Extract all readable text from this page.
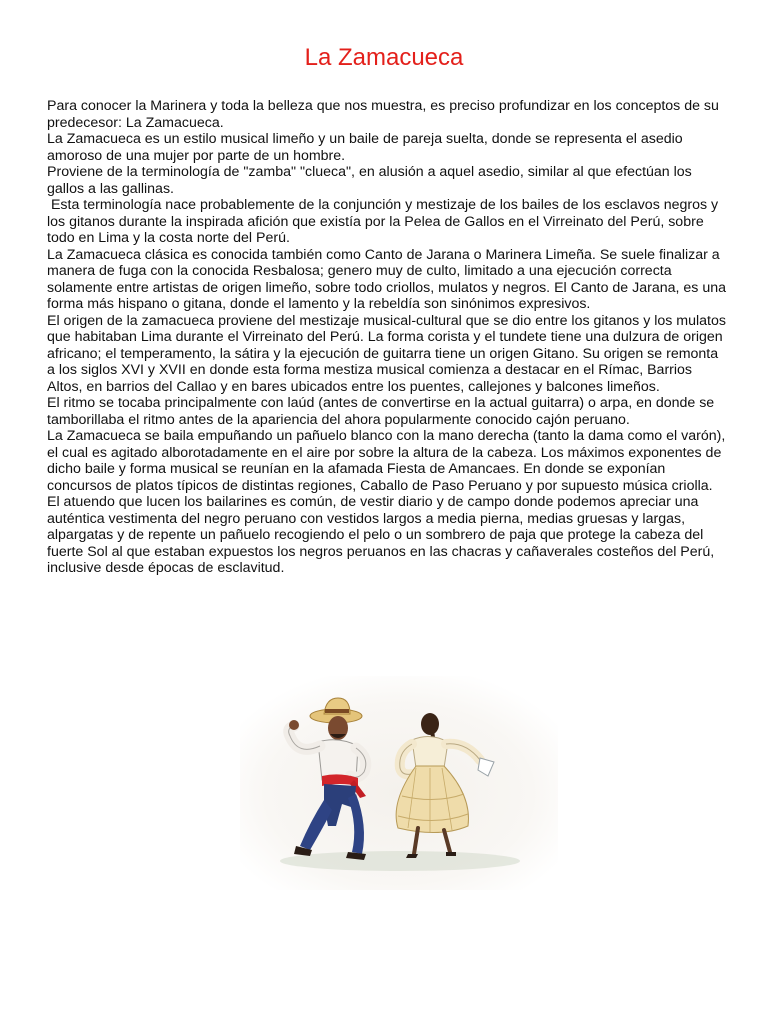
La Zamacueca

Para conocer la Marinera y toda la belleza que nos muestra, es preciso profundizar en los conceptos de su predecesor: La Zamacueca.

La Zamacueca es un estilo musical limeño y un baile de pareja suelta, donde se representa el asedio amoroso de una mujer por parte de un hombre.

Proviene de la terminología de "zamba" "clueca", en alusión a aquel asedio, similar al que efectúan los gallos a las gallinas.

Esta terminología nace probablemente de la conjunción y mestizaje de los bailes de los esclavos negros y los gitanos durante la inspirada afición que existía por la Pelea de Gallos en el Virreinato del Perú, sobre todo en Lima y la costa norte del Perú.

La Zamacueca clásica es conocida también como Canto de Jarana o Marinera Limeña. Se suele finalizar a manera de fuga con la conocida Resbalosa; genero muy de culto, limitado a una ejecución correcta solamente entre artistas de origen limeño, sobre todo criollos, mulatos y negros. El Canto de Jarana, es una forma más hispano o gitana, donde el lamento y la rebeldía son sinónimos expresivos.

El origen de la zamacueca proviene del mestizaje musical-cultural que se dio entre los gitanos y los mulatos que habitaban Lima durante el Virreinato del Perú. La forma corista y el tundete tiene una dulzura de origen africano; el temperamento, la sátira y la ejecución de guitarra tiene un origen Gitano. Su origen se remonta a los siglos XVI y XVII en donde esta forma mestiza musical comienza a destacar en el Rímac, Barrios Altos, en barrios del Callao y en bares ubicados entre los puentes, callejones y balcones limeños.

El ritmo se tocaba principalmente con laúd (antes de convertirse en la actual guitarra) o arpa, en donde se tamborillaba el ritmo antes de la apariencia del ahora popularmente conocido cajón peruano.

La Zamacueca se baila empuñando un pañuelo blanco con la mano derecha (tanto la dama como el varón), el cual es agitado alborotadamente en el aire por sobre la altura de la cabeza. Los máximos exponentes de dicho baile y forma musical se reunían en la afamada Fiesta de Amancaes. En donde se exponían concursos de platos típicos de distintas regiones, Caballo de Paso Peruano y por supuesto música criolla.

El atuendo que lucen los bailarines es común, de vestir diario y de campo donde podemos apreciar una auténtica vestimenta del negro peruano con vestidos largos a media pierna, medias gruesas y largas, alpargatas y de repente un pañuelo recogiendo el pelo o un sombrero de paja que protege la cabeza del fuerte Sol al que estaban expuestos los negros peruanos en las chacras y cañaverales costeños del Perú, inclusive desde épocas de esclavitud.
